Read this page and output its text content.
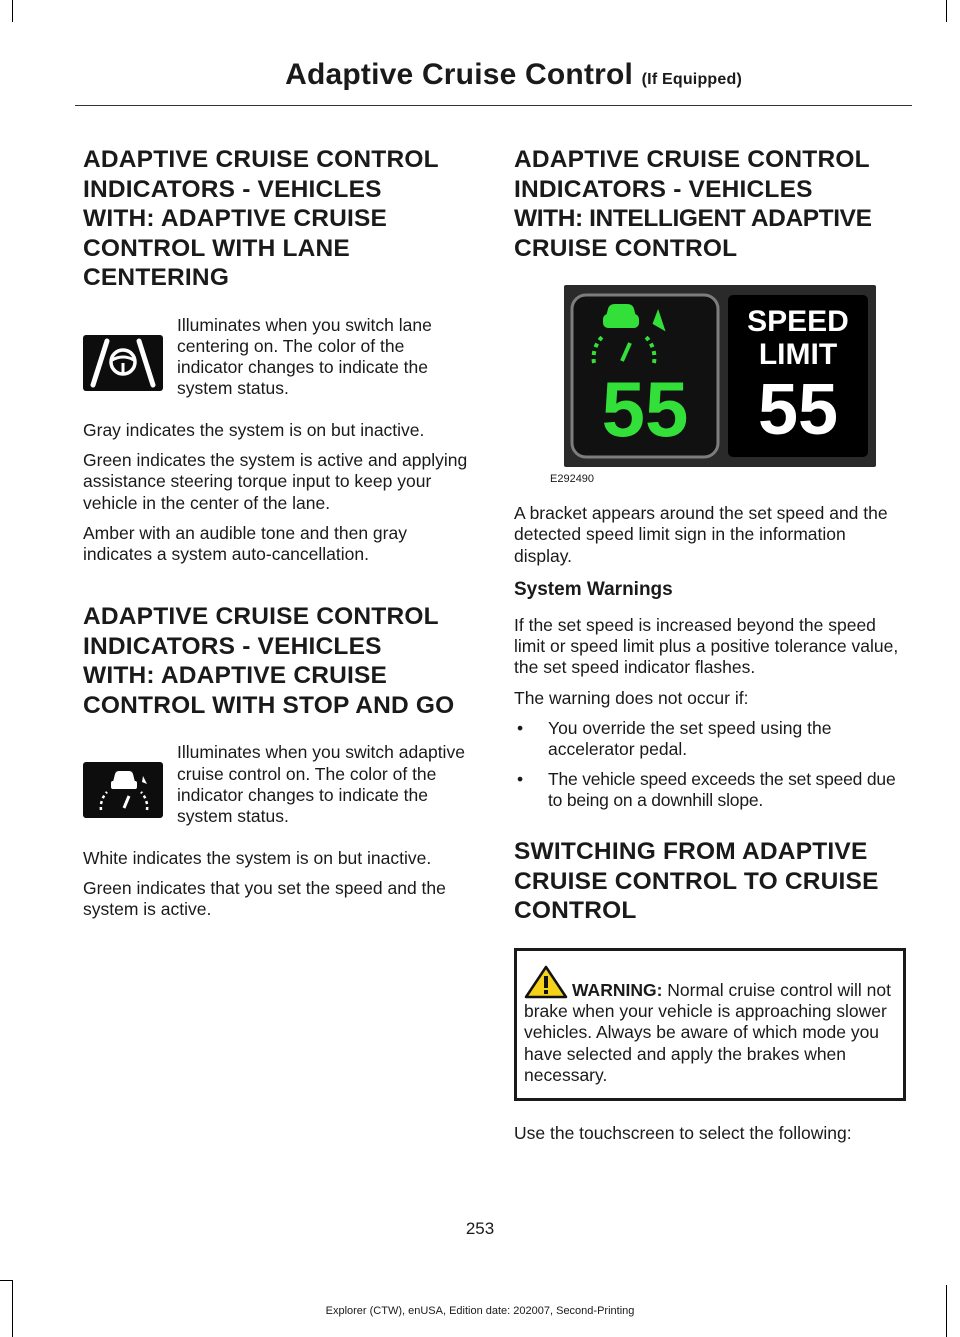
Adaptive Cruise Control (If Equipped)
ADAPTIVE CRUISE CONTROL
INDICATORS - VEHICLES
WITH: ADAPTIVE CRUISE
CONTROL WITH LANE
CENTERING

Illuminates when you switch lane centering on. The color of the indicator changes to indicate the system status.

Gray indicates the system is on but inactive.

Green indicates the system is active and applying assistance steering torque input to keep your vehicle in the center of the lane.

Amber with an audible tone and then gray indicates a system auto-cancellation.

ADAPTIVE CRUISE CONTROL
INDICATORS - VEHICLES
WITH: ADAPTIVE CRUISE
CONTROL WITH STOP AND GO

Illuminates when you switch adaptive cruise control on. The color of the indicator changes to indicate the system status.

White indicates the system is on but inactive.

Green indicates that you set the speed and the system is active.

ADAPTIVE CRUISE CONTROL
INDICATORS - VEHICLES
WITH: INTELLIGENT ADAPTIVE
CRUISE CONTROL
55
SPEED
LIMIT
55
E292490

A bracket appears around the set speed and the detected speed limit sign in the information display.

System Warnings

If the set speed is increased beyond the speed limit or speed limit plus a positive tolerance value, the set speed indicator flashes.

The warning does not occur if:

• You override the set speed using the accelerator pedal.
• The vehicle speed exceeds the set speed due to being on a downhill slope.
SWITCHING FROM ADAPTIVE
CRUISE CONTROL TO CRUISE
CONTROL
WARNING: Normal cruise control will not brake when your vehicle is approaching slower vehicles. Always be aware of which mode you have selected and apply the brakes when necessary.

Use the touchscreen to select the following:

253
Explorer (CTW), enUSA, Edition date: 202007, Second-Printing
